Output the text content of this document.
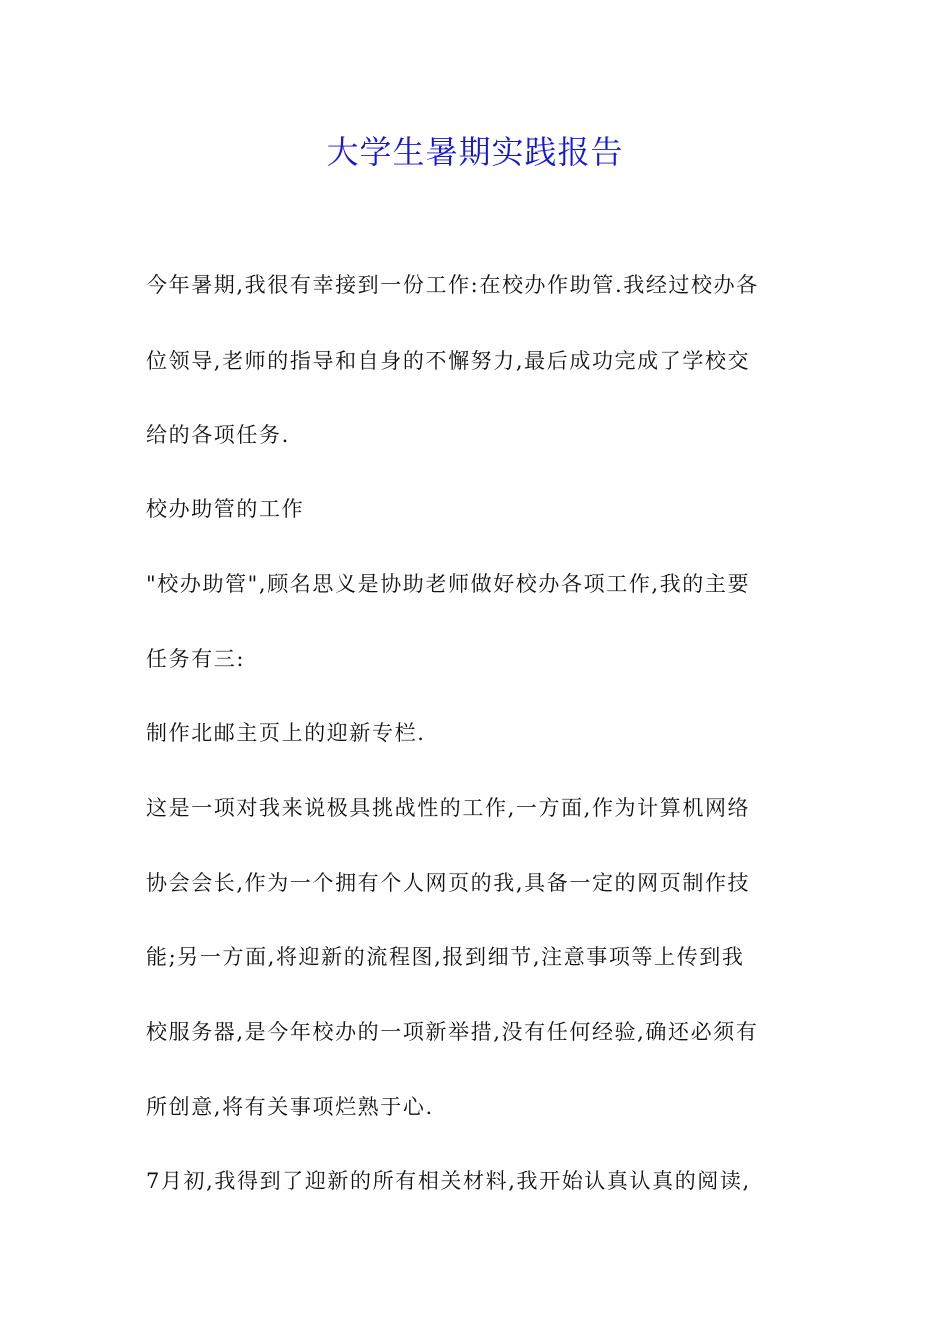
大学生暑期实践报告

今年暑期,我很有幸接到一份工作:在校办作助管.我经过校办各

位领导,老师的指导和自身的不懈努力,最后成功完成了学校交

给的各项任务.

校办助管的工作

"校办助管",顾名思义是协助老师做好校办各项工作,我的主要

任务有三:

制作北邮主页上的迎新专栏.

这是一项对我来说极具挑战性的工作,一方面,作为计算机网络

协会会长,作为一个拥有个人网页的我,具备一定的网页制作技

能;另一方面,将迎新的流程图,报到细节,注意事项等上传到我

校服务器,是今年校办的一项新举措,没有任何经验,确还必须有

所创意,将有关事项烂熟于心.

7月初,我得到了迎新的所有相关材料,我开始认真认真的阅读,
